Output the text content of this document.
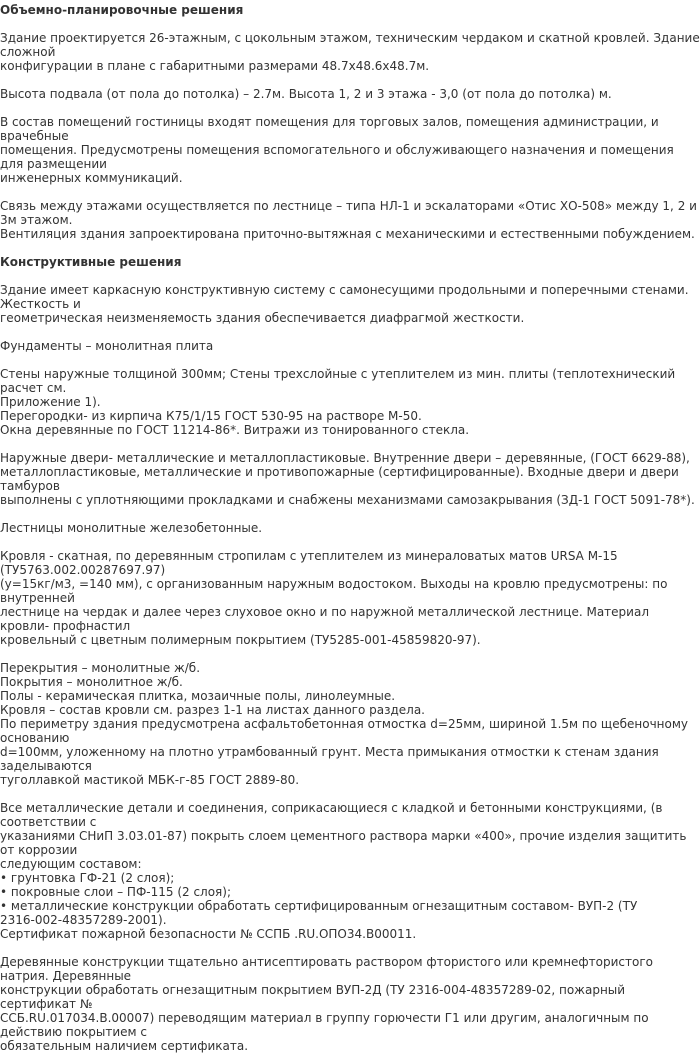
Объемно-планировочные решения

Здание проектируется 26-этажным, с цокольным этажом, техническим чердаком и скатной кровлей. Здание сложной
конфигурации в плане с габаритными размерами 48.7х48.6х48.7м.

Высота подвала (от пола до потолка) – 2.7м. Высота 1, 2 и 3 этажа - 3,0 (от пола до потолка) м.

В состав помещений гостиницы входят помещения для торговых залов, помещения администрации, и врачебные
помещения. Предусмотрены помещения вспомогательного и обслуживающего назначения и помещения для размещении
инженерных коммуникаций.

Связь между этажами осуществляется по лестнице – типа НЛ-1 и эскалаторами «Отис ХО-508» между 1, 2 и 3м этажом.
Вентиляция здания запроектирована приточно-вытяжная с механическими и естественными побуждением.

Конструктивные решения

Здание имеет каркасную конструктивную систему с самонесущими продольными и поперечными стенами. Жесткость и
геометрическая неизменяемость здания обеспечивается диафрагмой жесткости.

Фундаменты – монолитная плита

Стены наружные толщиной 300мм; Стены трехслойные с утеплителем из мин. плиты (теплотехнический расчет см.
Приложение 1).
Перегородки- из кирпича К75/1/15 ГОСТ 530-95 на растворе М-50.
Окна деревянные по ГОСТ 11214-86*. Витражи из тонированного стекла.

Наружные двери- металлические и металлопластиковые. Внутренние двери – деревянные, (ГОСТ 6629-88),
металлопластиковые, металлические и противопожарные (сертифицированные). Входные двери и двери тамбуров
выполнены с уплотняющими прокладками и снабжены механизмами самозакрывания (ЗД-1 ГОСТ 5091-78*).

Лестницы монолитные железобетонные.

Кровля - скатная, по деревянным стропилам с утеплителем из минераловатых матов URSA М-15 (ТУ5763.002.00287697.97)
(у=15кг/м3, =140 мм), с организованным наружным водостоком. Выходы на кровлю предусмотрены: по внутренней
лестнице на чердак и далее через слуховое окно и по наружной металлической лестнице. Материал кровли- профнастил
кровельный с цветным полимерным покрытием (ТУ5285-001-45859820-97).

Перекрытия – монолитные ж/б.
Покрытия – монолитное ж/б.
Полы - керамическая плитка, мозаичные полы, линолеумные.
Кровля – состав кровли см. разрез 1-1 на листах данного раздела.
По периметру здания предусмотрена асфальтобетонная отмостка d=25мм, шириной 1.5м по щебеночному основанию
d=100мм, уложенному на плотно утрамбованный грунт. Места примыкания отмостки к стенам здания заделываются
туголлавкой мастикой МБК-г-85 ГОСТ 2889-80.

Все металлические детали и соединения, соприкасающиеся с кладкой и бетонными конструкциями, (в соответствии с
указаниями СНиП 3.03.01-87) покрыть слоем цементного раствора марки «400», прочие изделия защитить от коррозии
следующим составом:
• грунтовка ГФ-21 (2 слоя);
• покровные слои – ПФ-115 (2 слоя);
• металлические конструкции обработать сертифицированным огнезащитным составом- ВУП-2 (ТУ
2316-002-48357289-2001).
Сертификат пожарной безопасности № ССПБ .RU.ОПО34.В00011.

Деревянные конструкции тщательно антисептировать раствором фтористого или кремнефтористого натрия. Деревянные
конструкции обработать огнезащитным покрытием ВУП-2Д (ТУ 2316-004-48357289-02, пожарный сертификат №
ССБ.RU.017034.В.00007) переводящим материал в группу горючести Г1 или другим, аналогичным по действию покрытием с
обязательным наличием сертификата.
